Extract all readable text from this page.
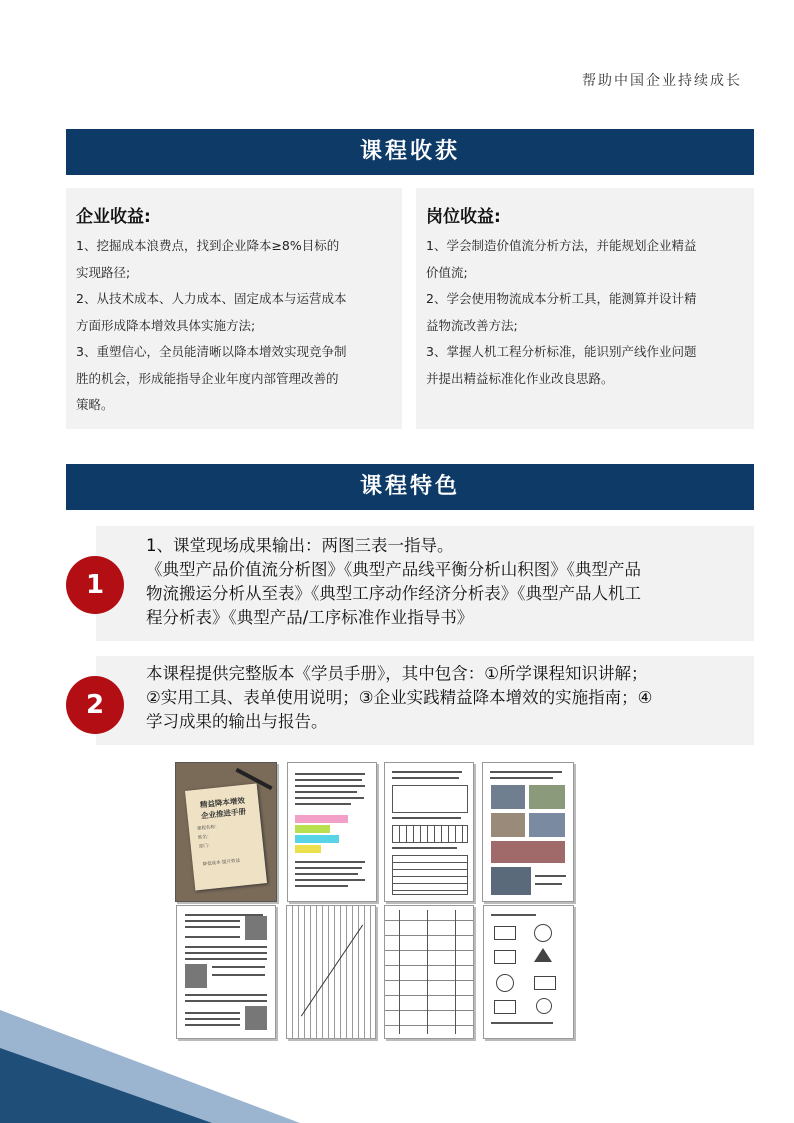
帮助中国企业持续成长
课程收获
企业收益:
1、挖掘成本浪费点，找到企业降本≥8%目标的
实现路径;
2、从技术成本、人力成本、固定成本与运营成本
方面形成降本增效具体实施方法;
3、重塑信心，全员能清晰以降本增效实现竞争制
胜的机会，形成能指导企业年度内部管理改善的
策略。
岗位收益:
1、学会制造价值流分析方法，并能规划企业精益
价值流;
2、学会使用物流成本分析工具，能测算并设计精
益物流改善方法;
3、掌握人机工程分析标准，能识别产线作业问题
并提出精益标准化作业改良思路。
课程特色
1、课堂现场成果输出：两图三表一指导。
《典型产品价值流分析图》《典型产品线平衡分析山积图》《典型产品
物流搬运分析从至表》《典型工序动作经济分析表》《典型产品人机工
程分析表》《典型产品/工序标准作业指导书》
1
本课程提供完整版本《学员手册》，其中包含：①所学课程知识讲解；
②实用工具、表单使用说明；③企业实践精益降本增效的实施指南；④
学习成果的输出与报告。
2
精益降本增效
企业推进手册
课程名称：
姓名：
部门：
降低成本 提升效益
